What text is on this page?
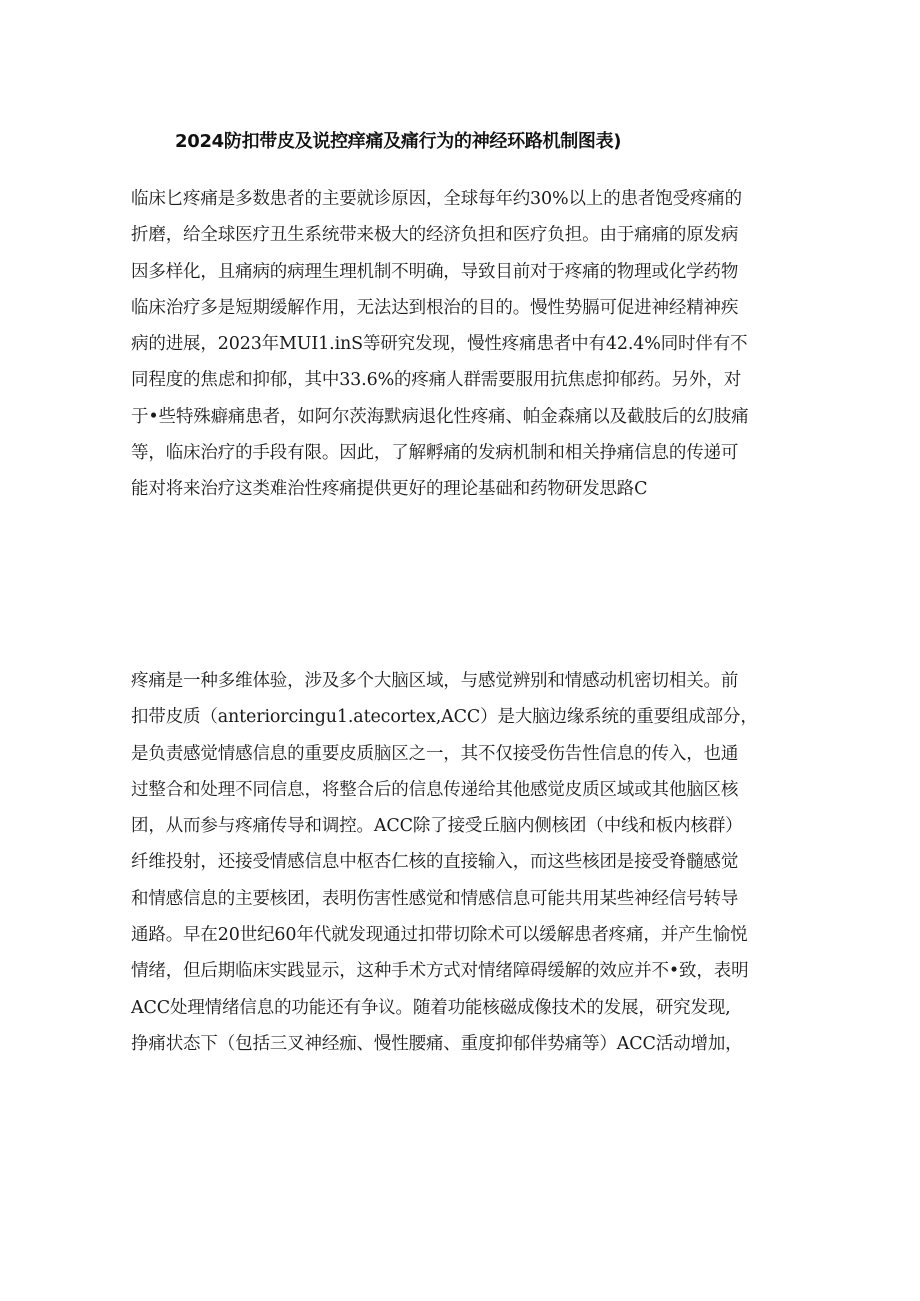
2024防扣带皮及说控痒痛及痛行为的神经环路机制图表)
临床匕疼痛是多数患者的主要就诊原因，全球每年约30%以上的患者饱受疼痛的
折磨，给全球医疗丑生系统带来极大的经济负担和医疗负担。由于痛痛的原发病
因多样化，且痛病的病理生理机制不明确，导致目前对于疼痛的物理或化学药物
临床治疗多是短期缓解作用，无法达到根治的目的。慢性势膈可促进神经精神疾
病的进展，2023年MUI1.inS等研究发现，慢性疼痛患者中有42.4%同时伴有不
同程度的焦虑和抑郁，其中33.6%的疼痛人群需要服用抗焦虑抑郁药。另外，对
于•些特殊癖痛患者，如阿尔茨海默病退化性疼痛、帕金森痛以及截肢后的幻肢痛
等，临床治疗的手段有限。因此，了解孵痛的发病机制和相关挣痛信息的传递可
能对将来治疗这类难治性疼痛提供更好的理论基础和药物研发思路C
疼痛是一种多维体验，涉及多个大脑区域，与感觉辨别和情感动机密切相关。前
扣带皮质（anteriorcingu1.atecortex,ACC）是大脑边缘系统的重要组成部分，
是负责感觉情感信息的重要皮质脑区之一，其不仅接受伤告性信息的传入，也通
过整合和处理不同信息，将整合后的信息传递给其他感觉皮质区域或其他脑区核
团，从而参与疼痛传导和调控。ACC除了接受丘脑内侧核团（中线和板内核群）
纤维投射，还接受情感信息中枢杏仁核的直接输入，而这些核团是接受脊髓感觉
和情感信息的主要核团，表明伤害性感觉和情感信息可能共用某些神经信号转导
通路。早在20世纪60年代就发现通过扣带切除术可以缓解患者疼痛，并产生愉悦
情绪，但后期临床实践显示，这种手术方式对情绪障碍缓解的效应并不•致，表明
ACC处理情绪信息的功能还有争议。随着功能核磁成像技术的发展，研究发现,
挣痛状态下（包括三叉神经痂、慢性腰痛、重度抑郁伴势痛等）ACC活动增加，
